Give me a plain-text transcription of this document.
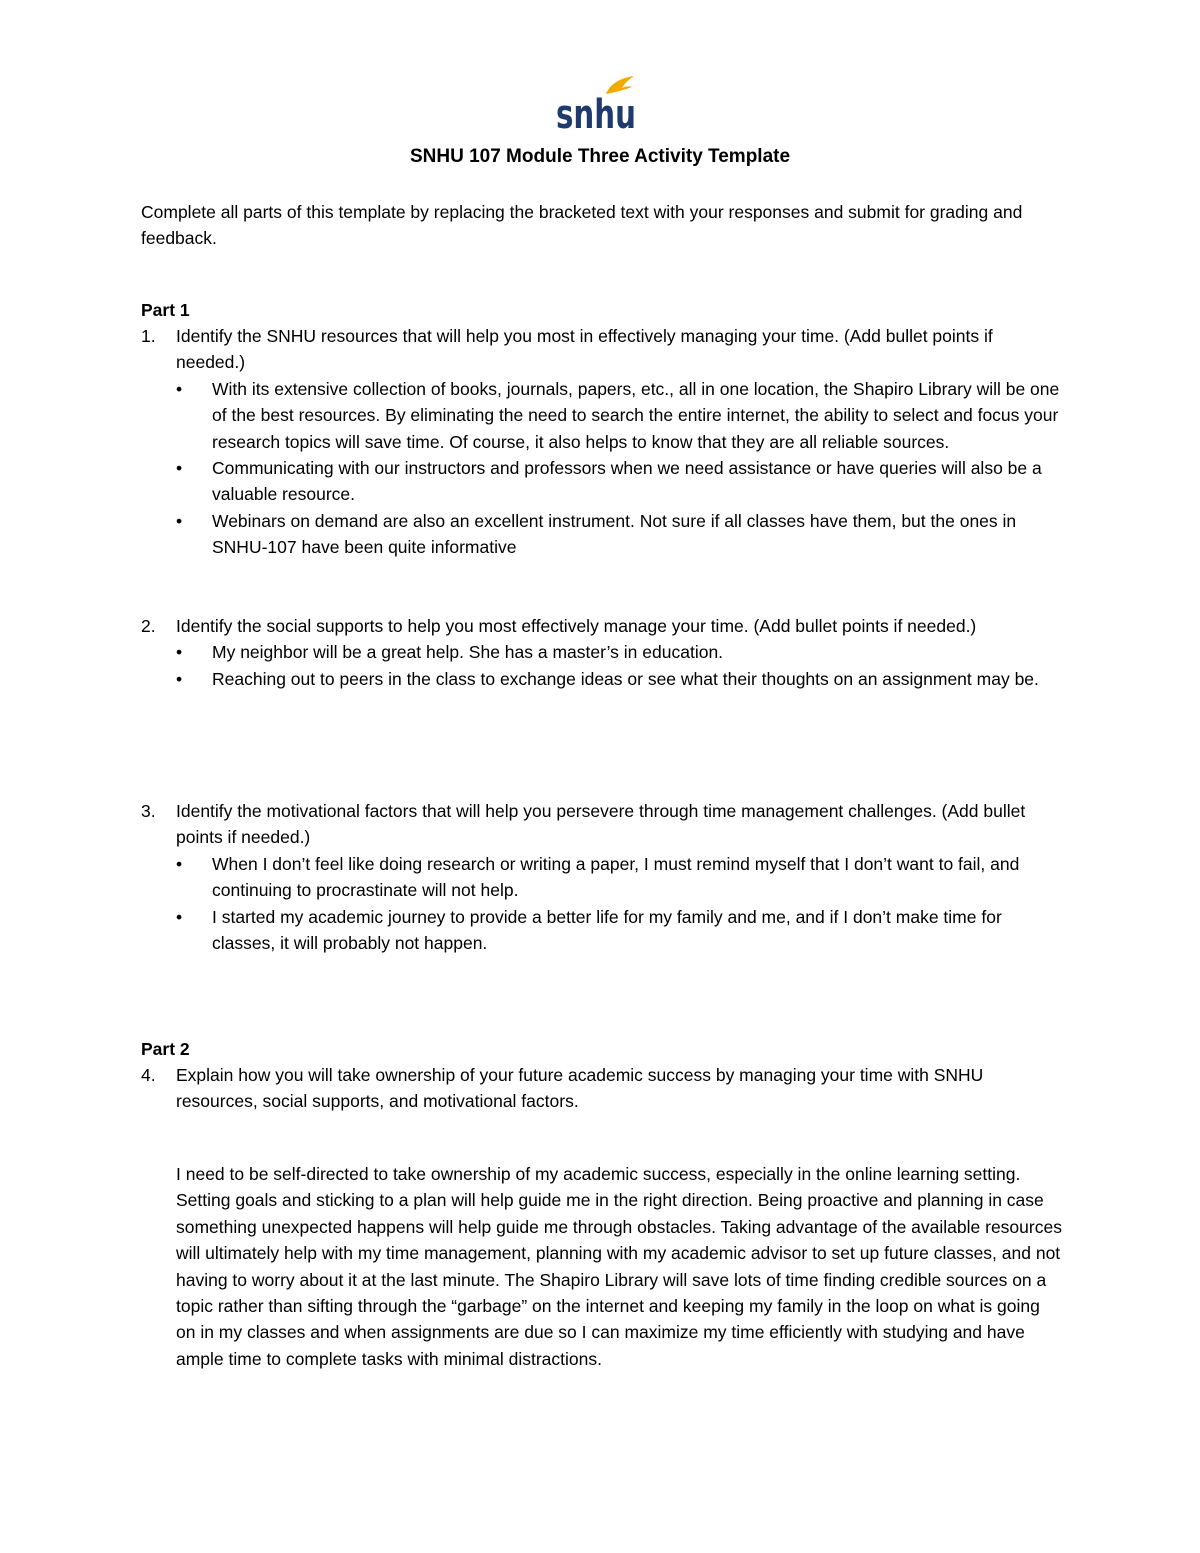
snhu
SNHU 107 Module Three Activity Template
Complete all parts of this template by replacing the bracketed text with your responses and submit for grading and feedback.
Part 1
1. Identify the SNHU resources that will help you most in effectively managing your time. (Add bullet points if needed.)
• With its extensive collection of books, journals, papers, etc., all in one location, the Shapiro Library will be one of the best resources. By eliminating the need to search the entire internet, the ability to select and focus your research topics will save time. Of course, it also helps to know that they are all reliable sources.
• Communicating with our instructors and professors when we need assistance or have queries will also be a valuable resource.
• Webinars on demand are also an excellent instrument. Not sure if all classes have them, but the ones in SNHU-107 have been quite informative
2. Identify the social supports to help you most effectively manage your time. (Add bullet points if needed.)
• My neighbor will be a great help. She has a master’s in education.
• Reaching out to peers in the class to exchange ideas or see what their thoughts on an assignment may be.
3. Identify the motivational factors that will help you persevere through time management challenges. (Add bullet points if needed.)
• When I don’t feel like doing research or writing a paper, I must remind myself that I don’t want to fail, and continuing to procrastinate will not help.
• I started my academic journey to provide a better life for my family and me, and if I don’t make time for classes, it will probably not happen.
Part 2
4. Explain how you will take ownership of your future academic success by managing your time with SNHU resources, social supports, and motivational factors.
I need to be self-directed to take ownership of my academic success, especially in the online learning setting. Setting goals and sticking to a plan will help guide me in the right direction. Being proactive and planning in case something unexpected happens will help guide me through obstacles. Taking advantage of the available resources will ultimately help with my time management, planning with my academic advisor to set up future classes, and not having to worry about it at the last minute. The Shapiro Library will save lots of time finding credible sources on a topic rather than sifting through the “garbage” on the internet and keeping my family in the loop on what is going on in my classes and when assignments are due so I can maximize my time efficiently with studying and have ample time to complete tasks with minimal distractions.
